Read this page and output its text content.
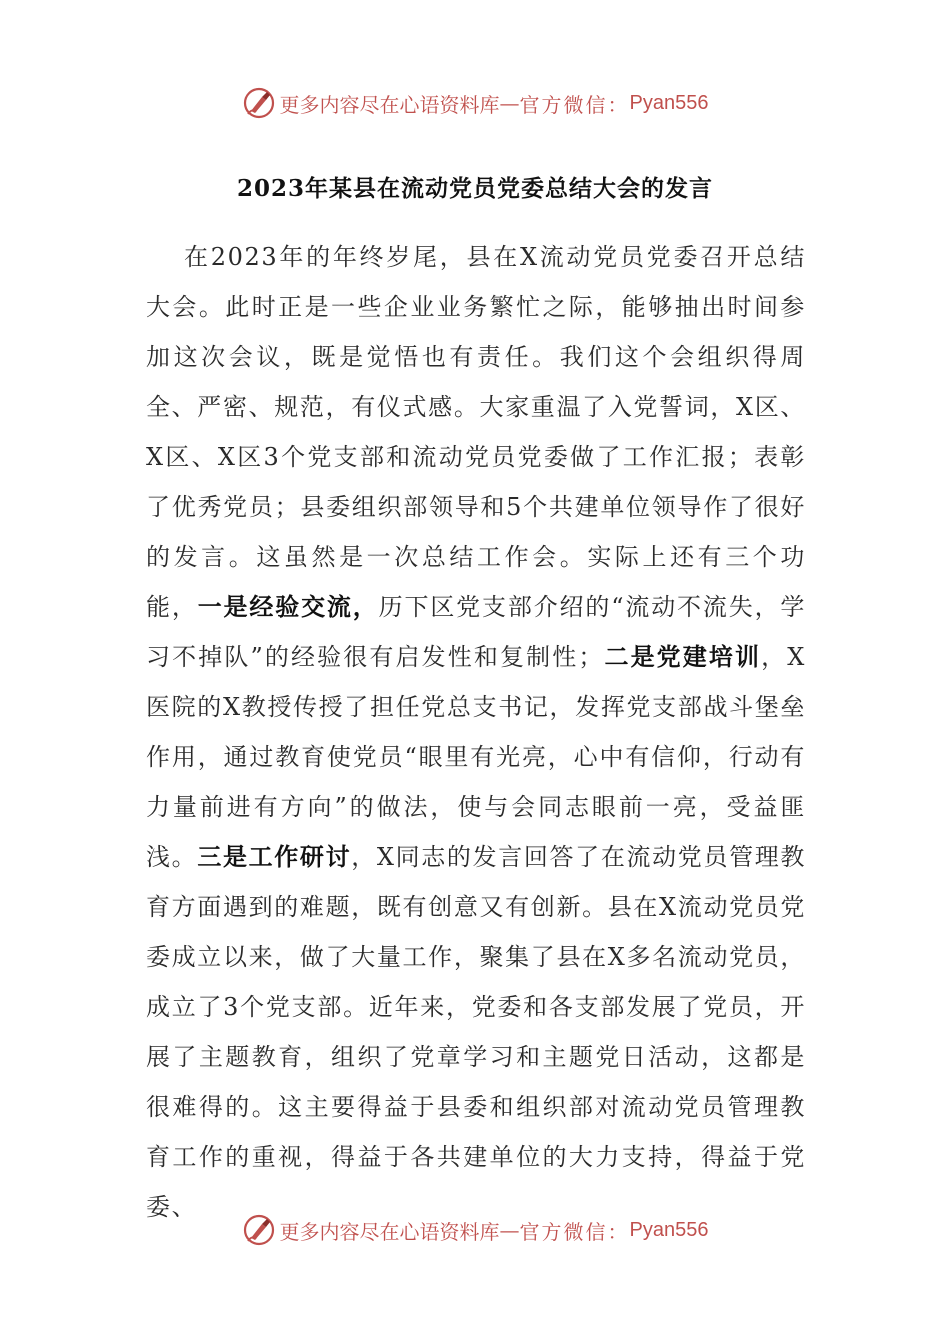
更多内容尽在心语资料库 — 官方微信： Pyan556
2023年某县在流动党员党委总结大会的发言

在2023年的年终岁尾，县在X流动党员党委召开总结大会。此时正是一些企业业务繁忙之际，能够抽出时间参加这次会议，既是觉悟也有责任。我们这个会组织得周全、严密、规范，有仪式感。大家重温了入党誓词，X区、X区、X区3个党支部和流动党员党委做了工作汇报；表彰了优秀党员；县委组织部领导和5个共建单位领导作了很好的发言。这虽然是一次总结工作会。实际上还有三个功能，一是经验交流，历下区党支部介绍的“流动不流失，学习不掉队”的经验很有启发性和复制性；二是党建培训，X医院的X教授传授了担任党总支书记，发挥党支部战斗堡垒作用，通过教育使党员“眼里有光亮，心中有信仰，行动有力量前进有方向”的做法，使与会同志眼前一亮，受益匪浅。三是工作研讨，X同志的发言回答了在流动党员管理教育方面遇到的难题，既有创意又有创新。县在X流动党员党委成立以来，做了大量工作，聚集了县在X多名流动党员，成立了3个党支部。近年来，党委和各支部发展了党员，开展了主题教育，组织了党章学习和主题党日活动，这都是很难得的。这主要得益于县委和组织部对流动党员管理教育工作的重视，得益于各共建单位的大力支持，得益于党委、

更多内容尽在心语资料库 — 官方微信： Pyan556
